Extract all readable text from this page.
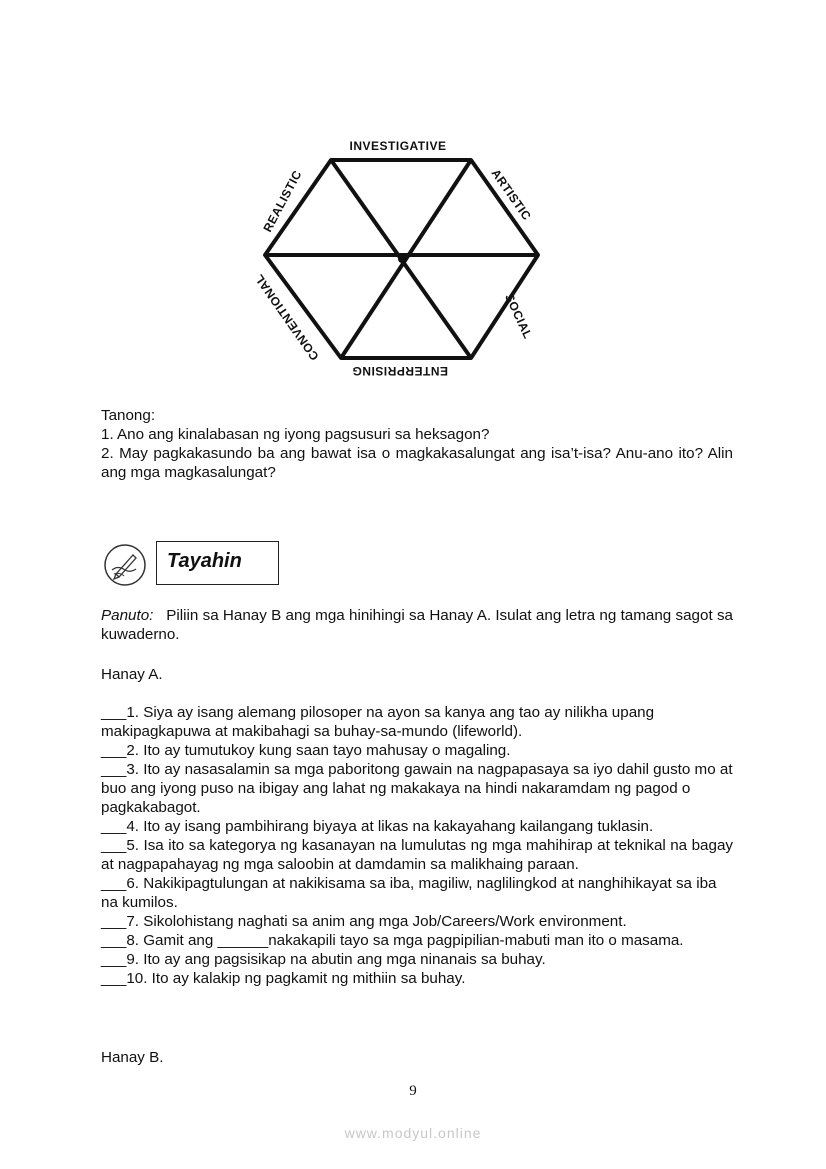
INVESTIGATIVE
ARTISTIC
SOCIAL
ENTERPRISING
CONVENTIONAL
REALISTIC

Tanong:

1. Ano ang kinalabasan ng iyong pagsusuri sa heksagon?

2. May pagkakasundo ba ang bawat isa o magkakasalungat ang isa’t-isa? Anu-ano ito? Alin ang mga magkasalungat?

Tayahin
Panuto: Piliin sa Hanay B ang mga hinihingi sa Hanay A. Isulat ang letra ng tamang sagot sa kuwaderno.
Hanay A.

___1. Siya ay isang alemang pilosoper na ayon sa kanya ang tao ay nilikha upang makipagkapuwa at makibahagi sa buhay-sa-mundo (lifeworld).

___2. Ito ay tumutukoy kung saan tayo mahusay o magaling.

___3. Ito ay nasasalamin sa mga paboritong gawain na nagpapasaya sa iyo dahil gusto mo at buo ang iyong puso na ibigay ang lahat ng makakaya na hindi nakaramdam ng pagod o pagkakabagot.

___4. Ito ay isang pambihirang biyaya at likas na kakayahang kailangang tuklasin.

___5. Isa ito sa kategorya ng kasanayan na lumulutas ng mga mahihirap at teknikal na bagay at nagpapahayag ng mga saloobin at damdamin sa malikhaing paraan.

___6. Nakikipagtulungan at nakikisama sa iba, magiliw, naglilingkod at nanghihikayat sa iba na kumilos.

___7. Sikolohistang naghati sa anim ang mga Job/Careers/Work environment.

___8. Gamit ang ______nakakapili tayo sa mga pagpipilian-mabuti man ito o masama.

___9. Ito ay ang pagsisikap na abutin ang mga ninanais sa buhay.

___10. Ito ay kalakip ng pagkamit ng mithiin sa buhay.

Hanay B.
9
www.modyul.online
